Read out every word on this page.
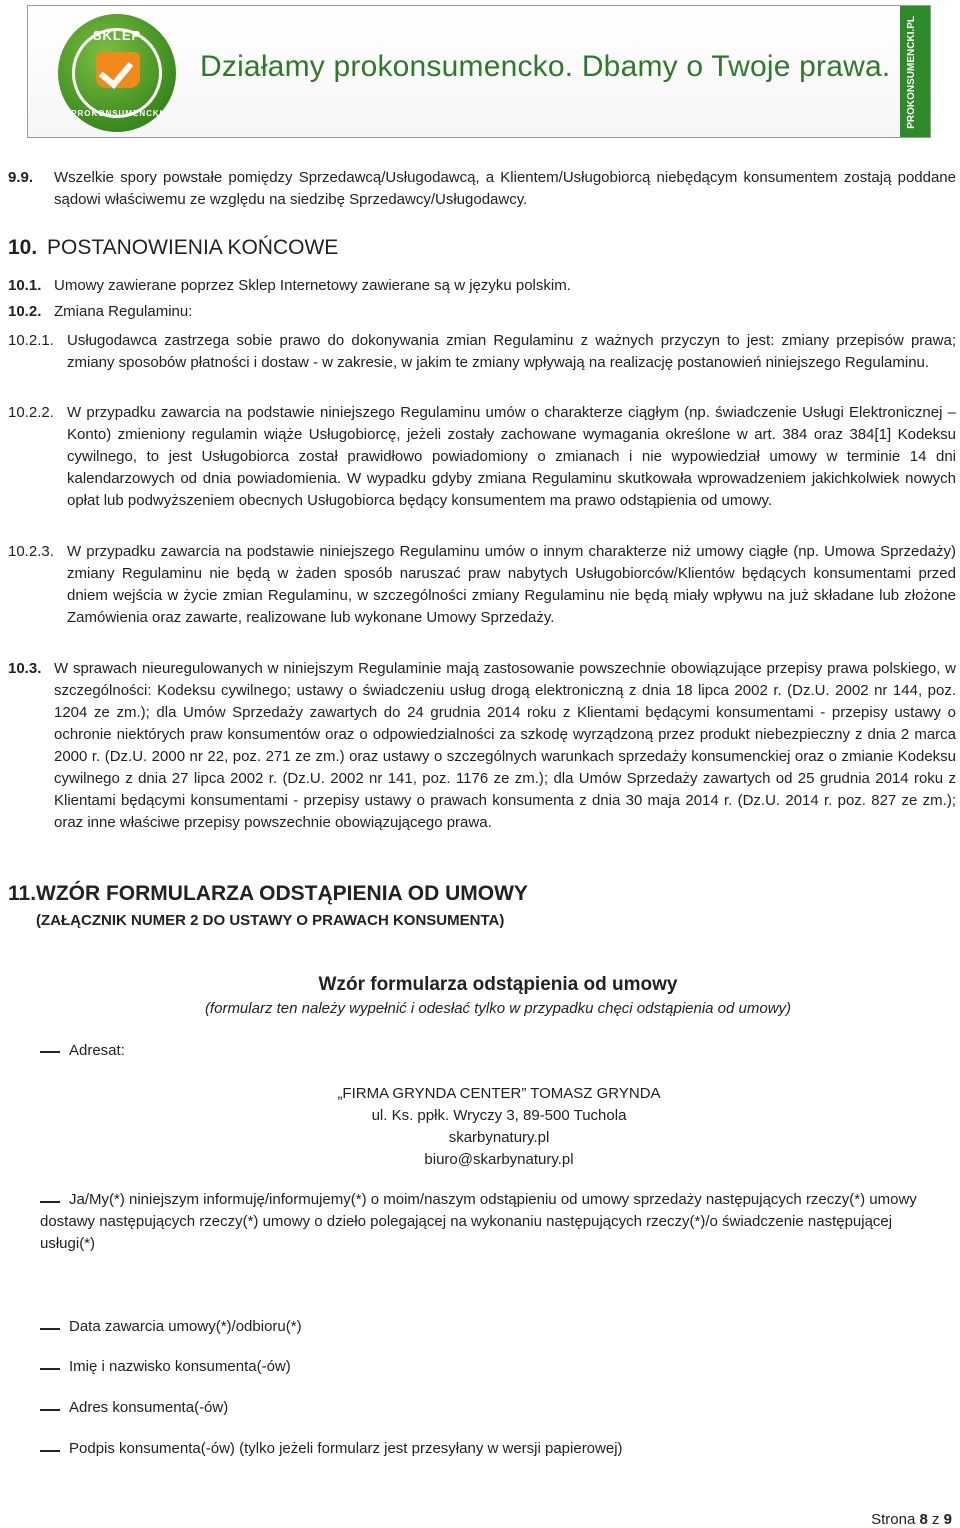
SKLEP
PROKONSUMENCKI
Działamy prokonsumencko. Dbamy o Twoje prawa. PROKONSUMENCKI.PL
9.9. Wszelkie spory powstałe pomiędzy Sprzedawcą/Usługodawcą, a Klientem/Usługobiorcą niebędącym konsumentem zostają poddane sądowi właściwemu ze względu na siedzibę Sprzedawcy/Usługodawcy.
10. POSTANOWIENIA KOŃCOWE
10.1. Umowy zawierane poprzez Sklep Internetowy zawierane są w języku polskim.
10.2. Zmiana Regulaminu:
10.2.1. Usługodawca zastrzega sobie prawo do dokonywania zmian Regulaminu z ważnych przyczyn to jest: zmiany przepisów prawa; zmiany sposobów płatności i dostaw - w zakresie, w jakim te zmiany wpływają na realizację postanowień niniejszego Regulaminu.
10.2.2. W przypadku zawarcia na podstawie niniejszego Regulaminu umów o charakterze ciągłym (np. świadczenie Usługi Elektronicznej – Konto) zmieniony regulamin wiąże Usługobiorcę, jeżeli zostały zachowane wymagania określone w art. 384 oraz 384[1] Kodeksu cywilnego, to jest Usługobiorca został prawidłowo powiadomiony o zmianach i nie wypowiedział umowy w terminie 14 dni kalendarzowych od dnia powiadomienia. W wypadku gdyby zmiana Regulaminu skutkowała wprowadzeniem jakichkolwiek nowych opłat lub podwyższeniem obecnych Usługobiorca będący konsumentem ma prawo odstąpienia od umowy.
10.2.3. W przypadku zawarcia na podstawie niniejszego Regulaminu umów o innym charakterze niż umowy ciągłe (np. Umowa Sprzedaży) zmiany Regulaminu nie będą w żaden sposób naruszać praw nabytych Usługobiorców/Klientów będących konsumentami przed dniem wejścia w życie zmian Regulaminu, w szczególności zmiany Regulaminu nie będą miały wpływu na już składane lub złożone Zamówienia oraz zawarte, realizowane lub wykonane Umowy Sprzedaży.
10.3. W sprawach nieuregulowanych w niniejszym Regulaminie mają zastosowanie powszechnie obowiązujące przepisy prawa polskiego, w szczególności: Kodeksu cywilnego; ustawy o świadczeniu usług drogą elektroniczną z dnia 18 lipca 2002 r. (Dz.U. 2002 nr 144, poz. 1204 ze zm.); dla Umów Sprzedaży zawartych do 24 grudnia 2014 roku z Klientami będącymi konsumentami - przepisy ustawy o ochronie niektórych praw konsumentów oraz o odpowiedzialności za szkodę wyrządzoną przez produkt niebezpieczny z dnia 2 marca 2000 r. (Dz.U. 2000 nr 22, poz. 271 ze zm.) oraz ustawy o szczególnych warunkach sprzedaży konsumenckiej oraz o zmianie Kodeksu cywilnego z dnia 27 lipca 2002 r. (Dz.U. 2002 nr 141, poz. 1176 ze zm.); dla Umów Sprzedaży zawartych od 25 grudnia 2014 roku z Klientami będącymi konsumentami - przepisy ustawy o prawach konsumenta z dnia 30 maja 2014 r. (Dz.U. 2014 r. poz. 827 ze zm.); oraz inne właściwe przepisy powszechnie obowiązującego prawa.
11. WZÓR FORMULARZA ODSTĄPIENIA OD UMOWY
(ZAŁĄCZNIK NUMER 2 DO USTAWY O PRAWACH KONSUMENTA)
Wzór formularza odstąpienia od umowy
(formularz ten należy wypełnić i odesłać tylko w przypadku chęci odstąpienia od umowy)
Adresat:
„FIRMA GRYNDA CENTER” TOMASZ GRYNDA
ul. Ks. ppłk. Wryczy 3, 89-500 Tuchola
skarbynatury.pl
biuro@skarbynatury.pl
Ja/My(*) niniejszym informuję/informujemy(*) o moim/naszym odstąpieniu od umowy sprzedaży następujących rzeczy(*) umowy dostawy następujących rzeczy(*) umowy o dzieło polegającej na wykonaniu następujących rzeczy(*)/o świadczenie następującej usługi(*)
Data zawarcia umowy(*)/odbioru(*)
Imię i nazwisko konsumenta(-ów)
Adres konsumenta(-ów)
Podpis konsumenta(-ów) (tylko jeżeli formularz jest przesyłany w wersji papierowej)
Strona 8 z 9
